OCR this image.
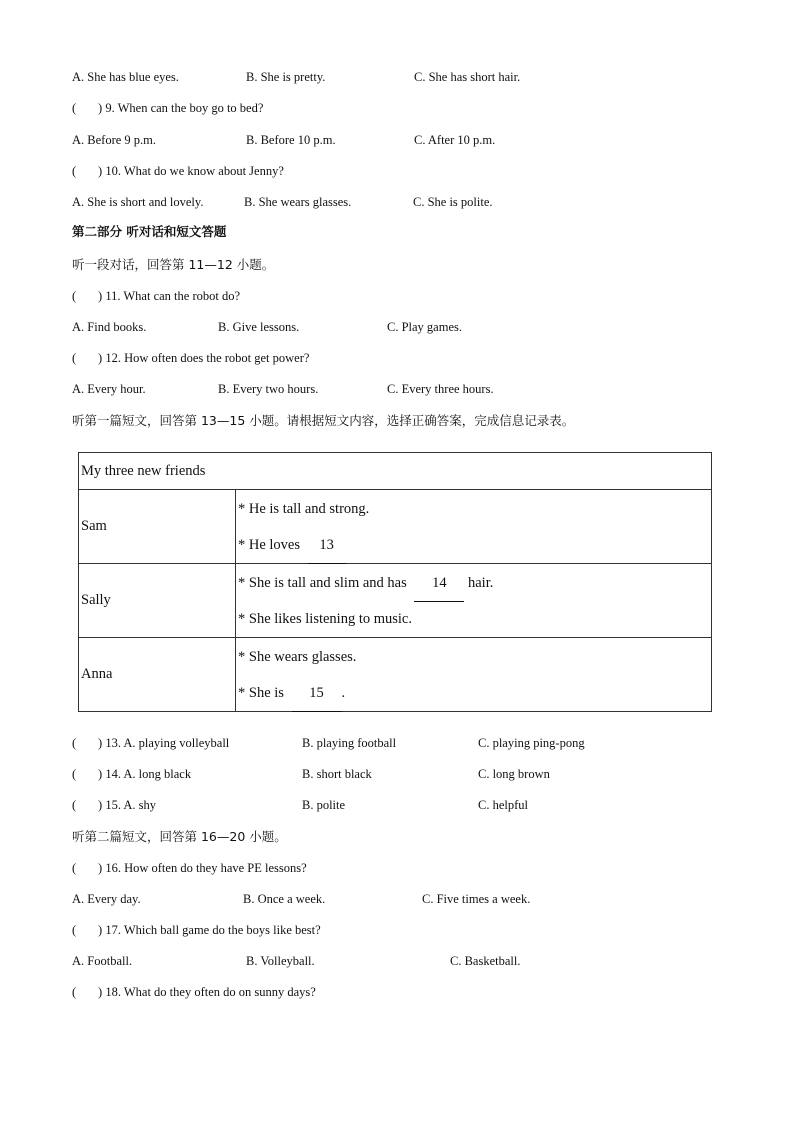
A. She has blue eyes.	B. She is pretty.	C. She has short hair.
(       ) 9. When can the boy go to bed?
A. Before 9 p.m.	B. Before 10 p.m.	C. After 10 p.m.
(       ) 10. What do we know about Jenny?
A. She is short and lovely.	B. She wears glasses.	C. She is polite.
第二部分 听对话和短文答题
听一段对话，回答第 11—12 小题。
(       ) 11. What can the robot do?
A. Find books.	B. Give lessons.	C. Play games.
(       ) 12. How often does the robot get power?
A. Every hour.	B. Every two hours.	C. Every three hours.
听第一篇短文，回答第 13—15 小题。请根据短文内容，选择正确答案，完成信息记录表。
My three new friends	
Sam	* He is tall and strong.
* He loves 13

Sally	* She is tall and slim and has 14 hair.
* She likes listening to music.

Anna	* She wears glasses.
* She is 15 .
(       ) 13. A. playing volleyball	B. playing football	C. playing ping-pong
(       ) 14. A. long black	B. short black	C. long brown
(       ) 15. A. shy	B. polite	C. helpful
听第二篇短文，回答第 16—20 小题。
(       ) 16. How often do they have PE lessons?
A. Every day.	B. Once a week.	C. Five times a week.
(       ) 17. Which ball game do the boys like best?
A. Football.	B. Volleyball.	C. Basketball.
(       ) 18. What do they often do on sunny days?
